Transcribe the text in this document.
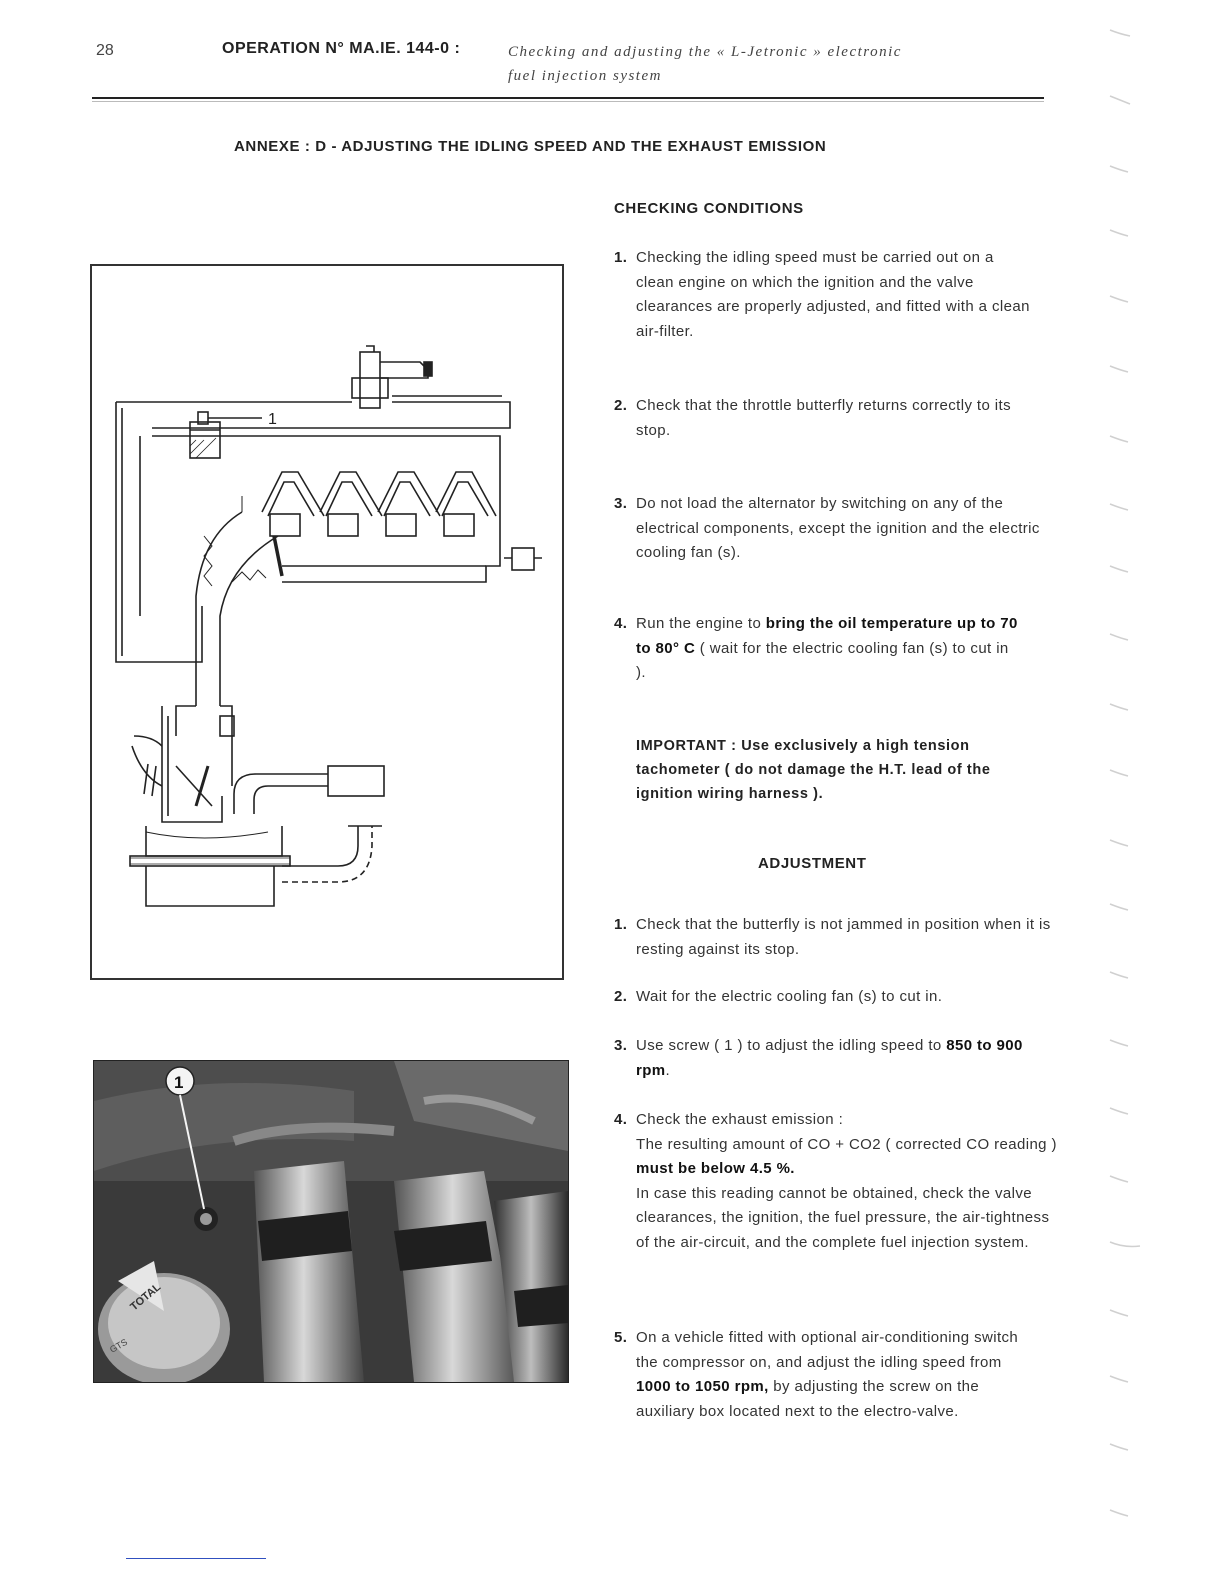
28	OPERATION N° MA.IE. 144-0 :	Checking and adjusting the « L-Jetronic » electronic
fuel injection system
ANNEXE : D - ADJUSTING THE IDLING SPEED AND THE EXHAUST EMISSION
1
TOTAL
GTS
1
CHECKING CONDITIONS
1. Checking the idling speed must be carried out on a clean engine on which the ignition and the valve clearances are properly adjusted, and fitted with a clean air-filter.
2. Check that the throttle butterfly returns correctly to its stop.
3. Do not load the alternator by switching on any of the electrical components, except the ignition and the electric cooling fan (s).
4. Run the engine to bring the oil temperature up to 70 to 80° C ( wait for the electric cooling fan (s) to cut in ).
IMPORTANT : Use exclusively a high tension tachometer ( do not damage the H.T. lead of the ignition wiring harness ).
ADJUSTMENT
1. Check that the butterfly is not jammed in position when it is resting against its stop.
2. Wait for the electric cooling fan (s) to cut in.
3. Use screw ( 1 ) to adjust the idling speed to 850 to 900 rpm.
4. Check the exhaust emission :
The resulting amount of CO + CO2 ( corrected CO reading ) must be below 4.5 %.
In case this reading cannot be obtained, check the valve clearances, the ignition, the fuel pressure, the air-tightness of the air-circuit, and the complete fuel injection system.
5. On a vehicle fitted with optional air-conditioning switch the compressor on, and adjust the idling speed from 1000 to 1050 rpm, by adjusting the screw on the auxiliary box located next to the electro-valve.
